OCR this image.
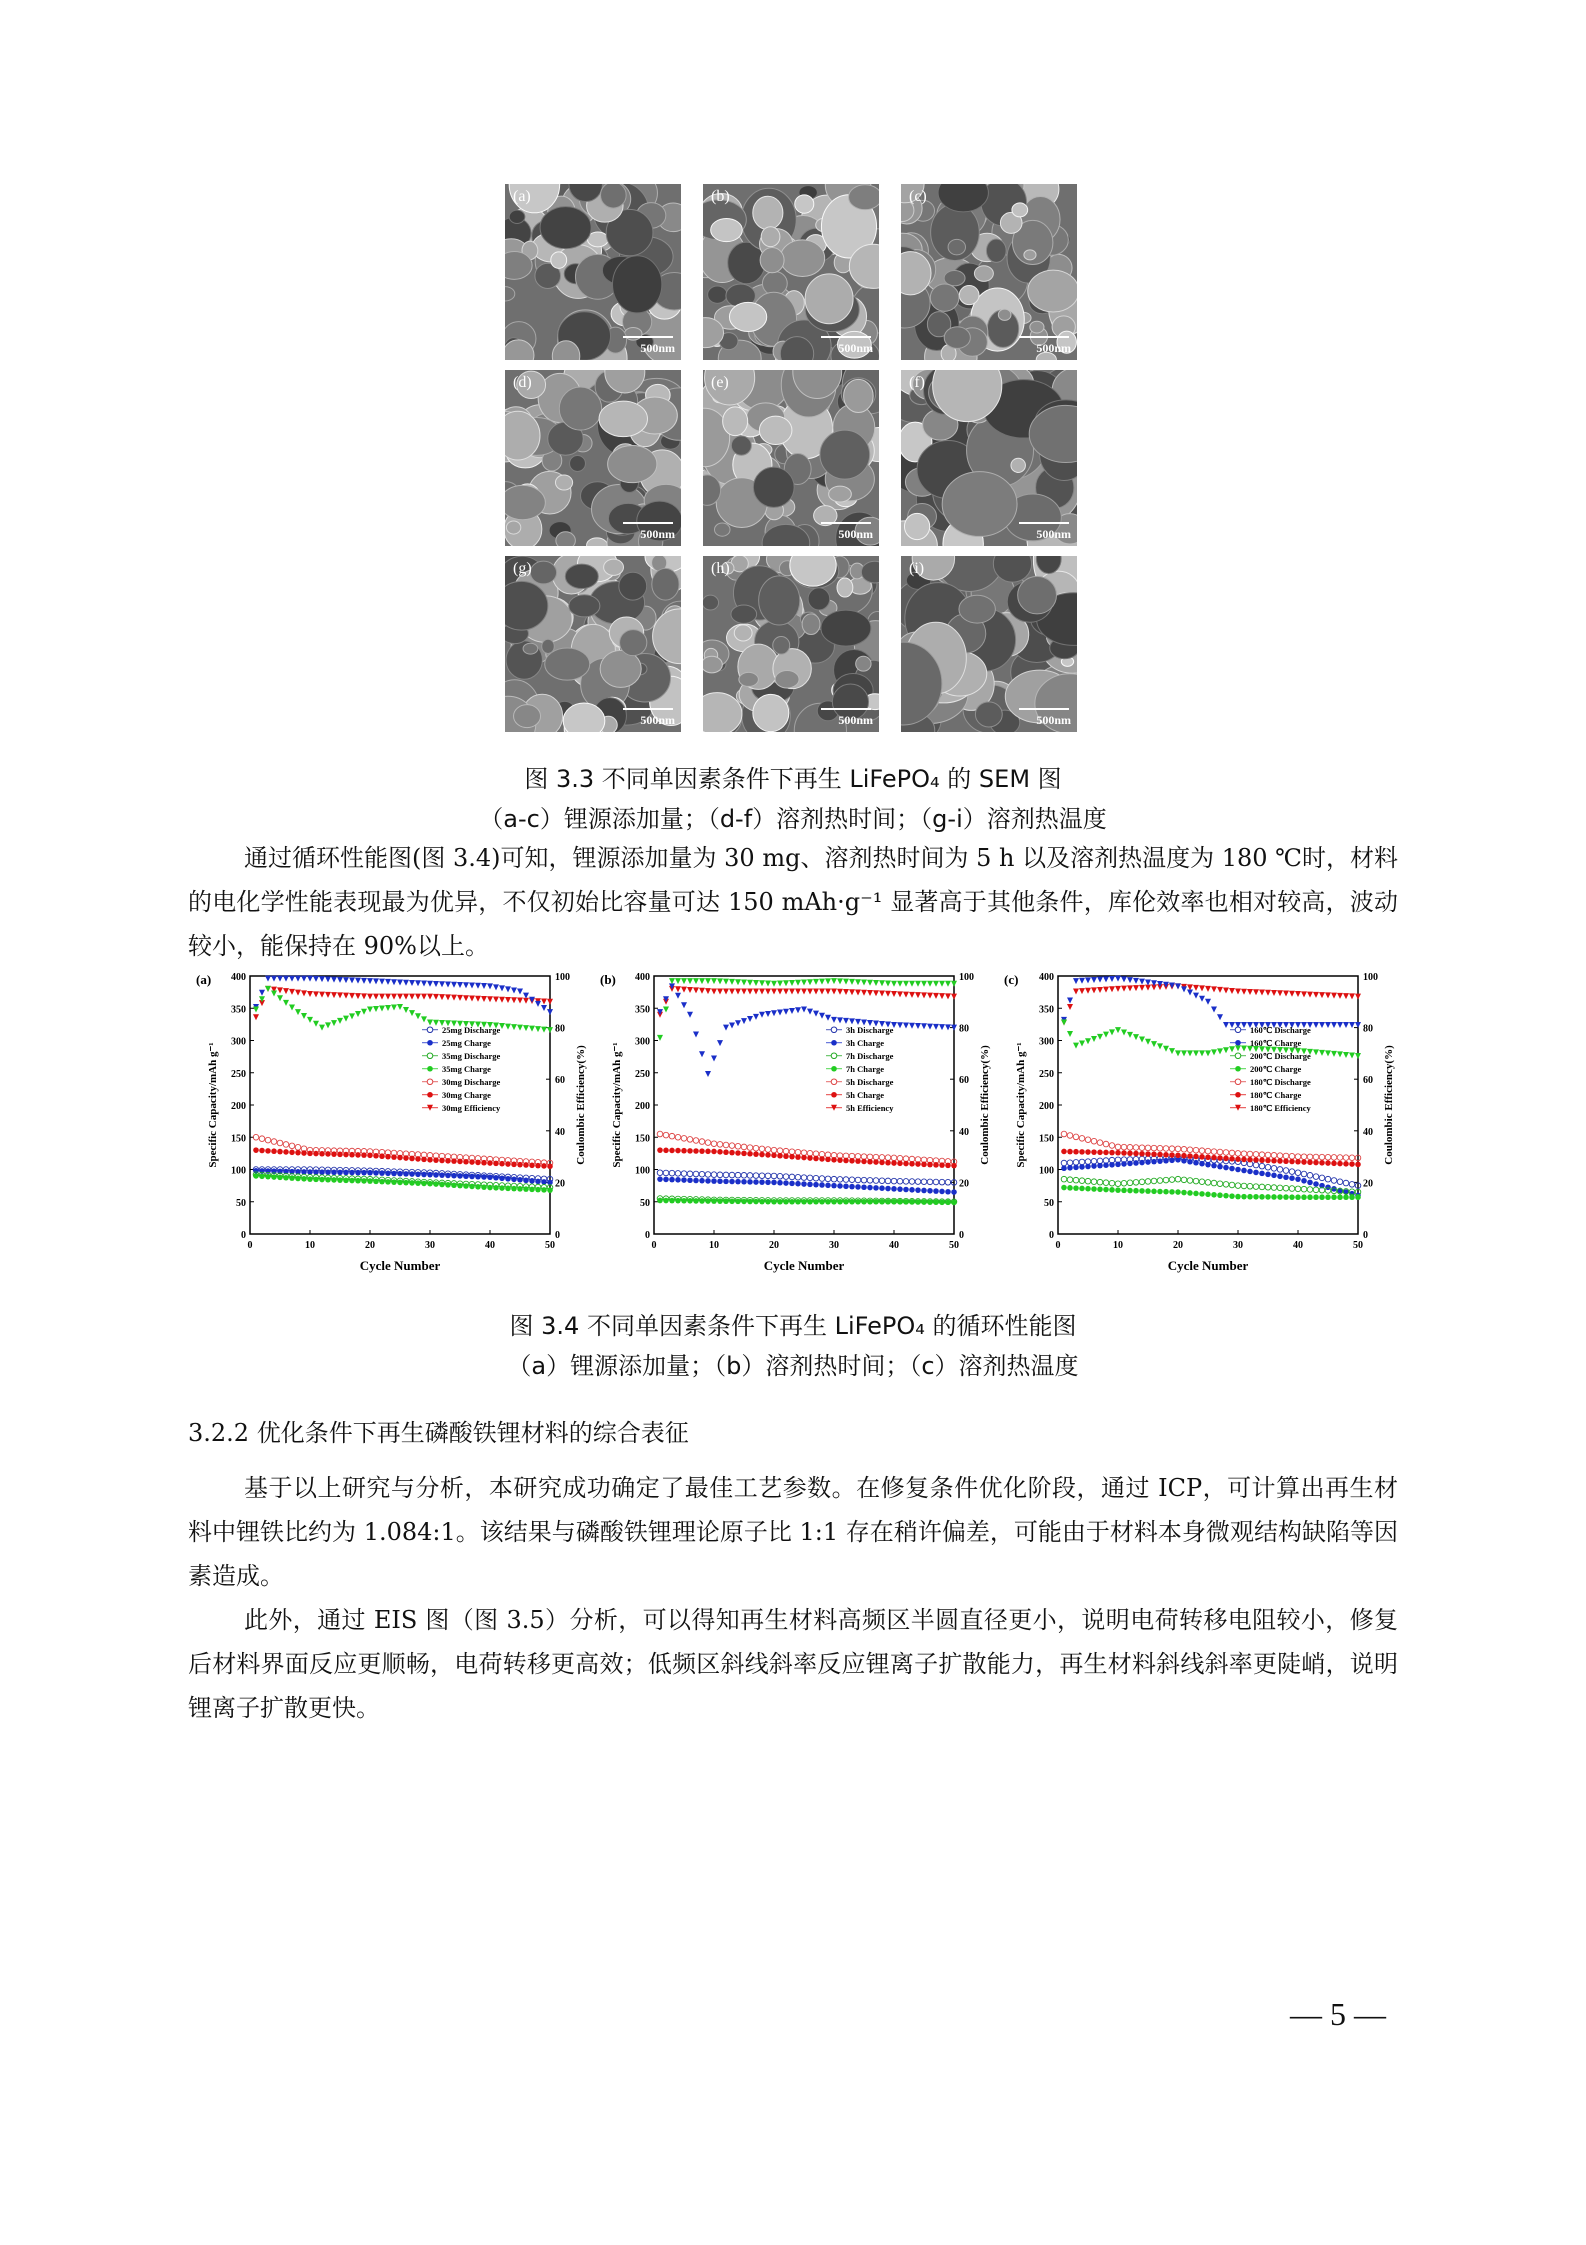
(a)
500nm
(b)
500nm
(c)
500nm
(d)
500nm
(e)
500nm
(f)
500nm
(g)
500nm
(h)
500nm
(i)
500nm
图 3.3 不同单因素条件下再生 LiFePO₄ 的 SEM 图
（a-c）锂源添加量；（d-f）溶剂热时间；（g-i）溶剂热温度

通过循环性能图(图 3.4)可知，锂源添加量为 30 mg、溶剂热时间为 5 h 以及溶剂热温度为 180 ℃时，材料的电化学性能表现最为优异，不仅初始比容量可达 150 mAh·g⁻¹ 显著高于其他条件，库伦效率也相对较高，波动较小，能保持在 90%以上。

(a)
0
50
100
150
200
250
300
350
400
0
20
40
60
80
100
0	10	20	30	40	50
Cycle Number
Specific Capacity/mAh g⁻¹	Coulombic Efficiency(%)
25mg Discharge
25mg Charge
35mg Discharge
35mg Charge
30mg Discharge
30mg Charge
30mg Efficiency
(b)
0
50
100
150
200
250
300
350
400
0
20
40
60
80
100
0	10	20	30	40	50
Cycle Number
Specific Capacity/mAh g⁻¹	Coulombic Efficiency(%)
3h Discharge
3h Charge
7h Discharge
7h Charge
5h Discharge
5h Charge
5h Efficiency
(c)
0
50
100
150
200
250
300
350
400
0
20
40
60
80
100
0	10	20	30	40	50
Cycle Number
Specific Capacity/mAh g⁻¹	Coulombic Efficiency(%)
160℃ Discharge
160℃ Charge
200℃ Discharge
200℃ Charge
180℃ Discharge
180℃ Charge
180℃ Efficiency
图 3.4 不同单因素条件下再生 LiFePO₄ 的循环性能图
（a）锂源添加量；（b）溶剂热时间；（c）溶剂热温度
3.2.2 优化条件下再生磷酸铁锂材料的综合表征

基于以上研究与分析，本研究成功确定了最佳工艺参数。在修复条件优化阶段，通过 ICP，可计算出再生材料中锂铁比约为 1.084:1。该结果与磷酸铁锂理论原子比 1:1 存在稍许偏差，可能由于材料本身微观结构缺陷等因素造成。

此外，通过 EIS 图（图 3.5）分析，可以得知再生材料高频区半圆直径更小，说明电荷转移电阻较小，修复后材料界面反应更顺畅，电荷转移更高效；低频区斜线斜率反应锂离子扩散能力，再生材料斜线斜率更陡峭，说明锂离子扩散更快。

— 5 —
